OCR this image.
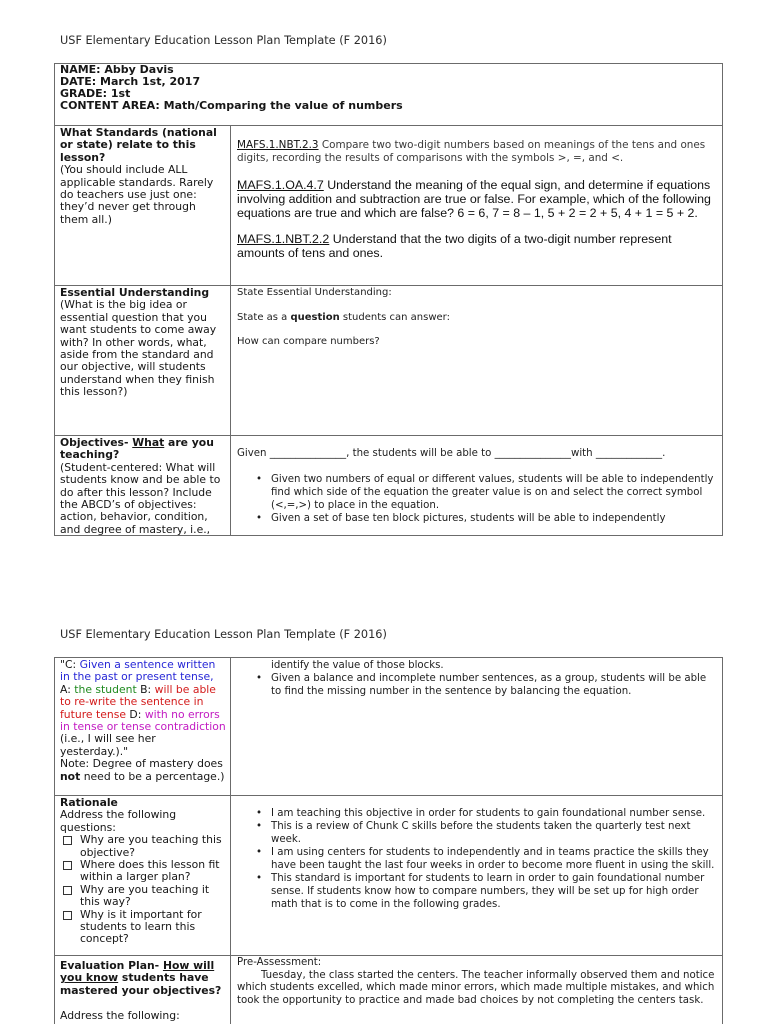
USF Elementary Education Lesson Plan Template (F 2016)
NAME: Abby Davis
DATE: March 1st, 2017
GRADE: 1st
CONTENT AREA: Math/Comparing the value of numbers
What Standards (national or state) relate to this lesson?
(You should include ALL applicable standards. Rarely do teachers use just one: they’d never get through them all.)

MAFS.1.NBT.2.3 Compare two two-digit numbers based on meanings of the tens and ones digits, recording the results of comparisons with the symbols >, =, and <.

MAFS.1.OA.4.7 Understand the meaning of the equal sign, and determine if equations involving addition and subtraction are true or false. For example, which of the following equations are true and which are false? 6 = 6, 7 = 8 – 1, 5 + 2 = 2 + 5, 4 + 1 = 5 + 2.

MAFS.1.NBT.2.2 Understand that the two digits of a two-digit number represent amounts of tens and ones.

Essential Understanding
(What is the big idea or essential question that you want students to come away with? In other words, what, aside from the standard and our objective, will students understand when they finish this lesson?)
State Essential Understanding:
State as a question students can answer:
How can compare numbers?
Objectives- What are you teaching?
(Student-centered: What will students know and be able to do after this lesson? Include the ABCD’s of objectives: action, behavior, condition, and degree of mastery, i.e.,
Given _______________, the students will be able to _______________with _____________.
• Given two numbers of equal or different values, students will be able to independently find which side of the equation the greater value is on and select the correct symbol (<,=,>) to place in the equation.
• Given a set of base ten block pictures, students will be able to independently
USF Elementary Education Lesson Plan Template (F 2016)
"C: Given a sentence written in the past or present tense, A: the student B: will be able to re-write the sentence in future tense D: with no errors in tense or tense contradiction (i.e., I will see her yesterday.)."
Note: Degree of mastery does not need to be a percentage.)
identify the value of those blocks.
• Given a balance and incomplete number sentences, as a group, students will be able to find the missing number in the sentence by balancing the equation.
Rationale
Address the following questions:
Why are you teaching this objective?
Where does this lesson fit within a larger plan?
Why are you teaching it this way?
Why is it important for students to learn this concept?
• I am teaching this objective in order for students to gain foundational number sense.
• This is a review of Chunk C skills before the students taken the quarterly test next week.
• I am using centers for students to independently and in teams practice the skills they have been taught the last four weeks in order to become more fluent in using the skill.
• This standard is important for students to learn in order to gain foundational number sense. If students know how to compare numbers, they will be set up for high order math that is to come in the following grades.
Evaluation Plan- How will you know students have mastered your objectives?
Address the following:
Pre-Assessment:
Tuesday, the class started the centers. The teacher informally observed them and notice which students excelled, which made minor errors, which made multiple mistakes, and which took the opportunity to practice and made bad choices by not completing the centers task.
